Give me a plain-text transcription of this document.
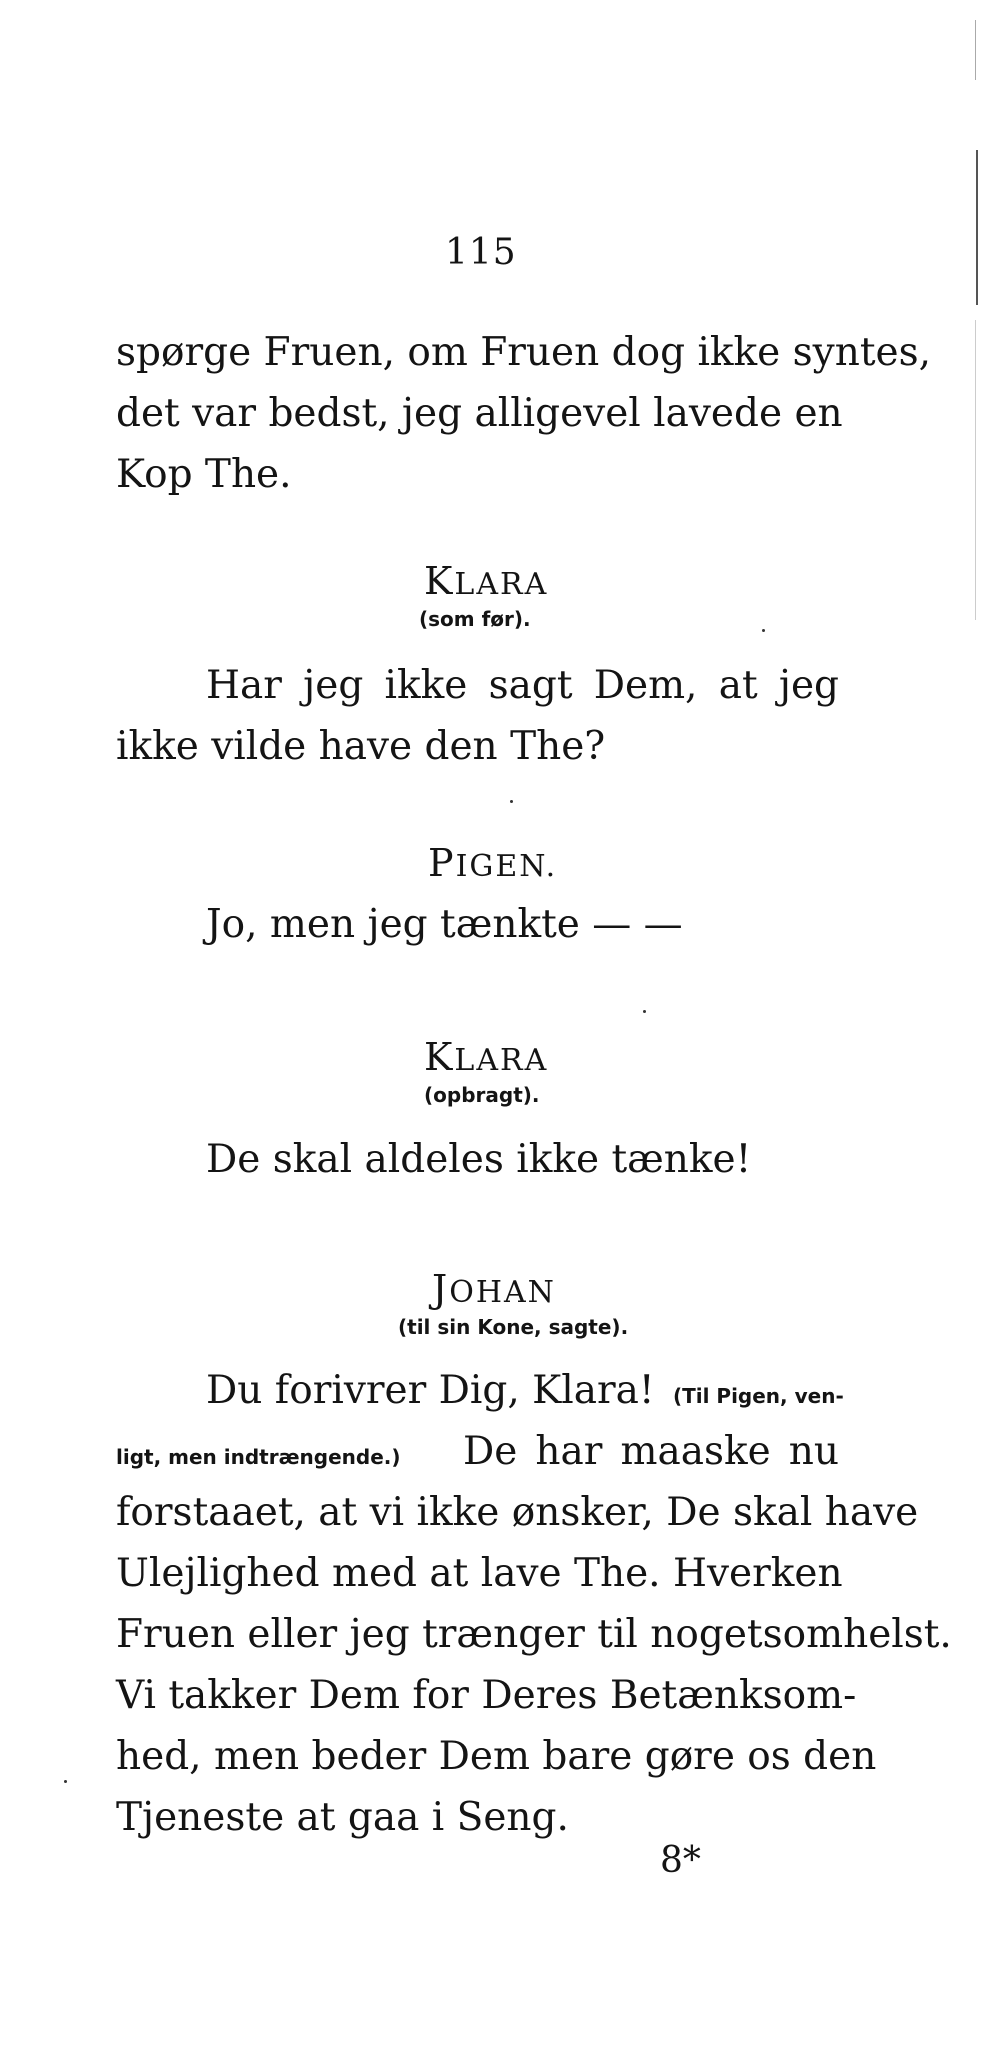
115
spørge Fruen, om Fruen dog ikke syntes,
det var bedst, jeg alligevel lavede en
Kop The.
KLARA
(som før).
Har jeg ikke sagt Dem, at jeg
ikke vilde have den The?
PIGEN.
Jo, men jeg tænkte — —
KLARA
(opbragt).
De skal aldeles ikke tænke!
JOHAN
(til sin Kone, sagte).
Du forivrer Dig, Klara! (Til Pigen, ven-
ligt, men indtrængende.) De har maaske nu
forstaaet, at vi ikke ønsker, De skal have
Ulejlighed med at lave The. Hverken
Fruen eller jeg trænger til nogetsomhelst.
Vi takker Dem for Deres Betænksom-
hed, men beder Dem bare gøre os den
Tjeneste at gaa i Seng.
8*
